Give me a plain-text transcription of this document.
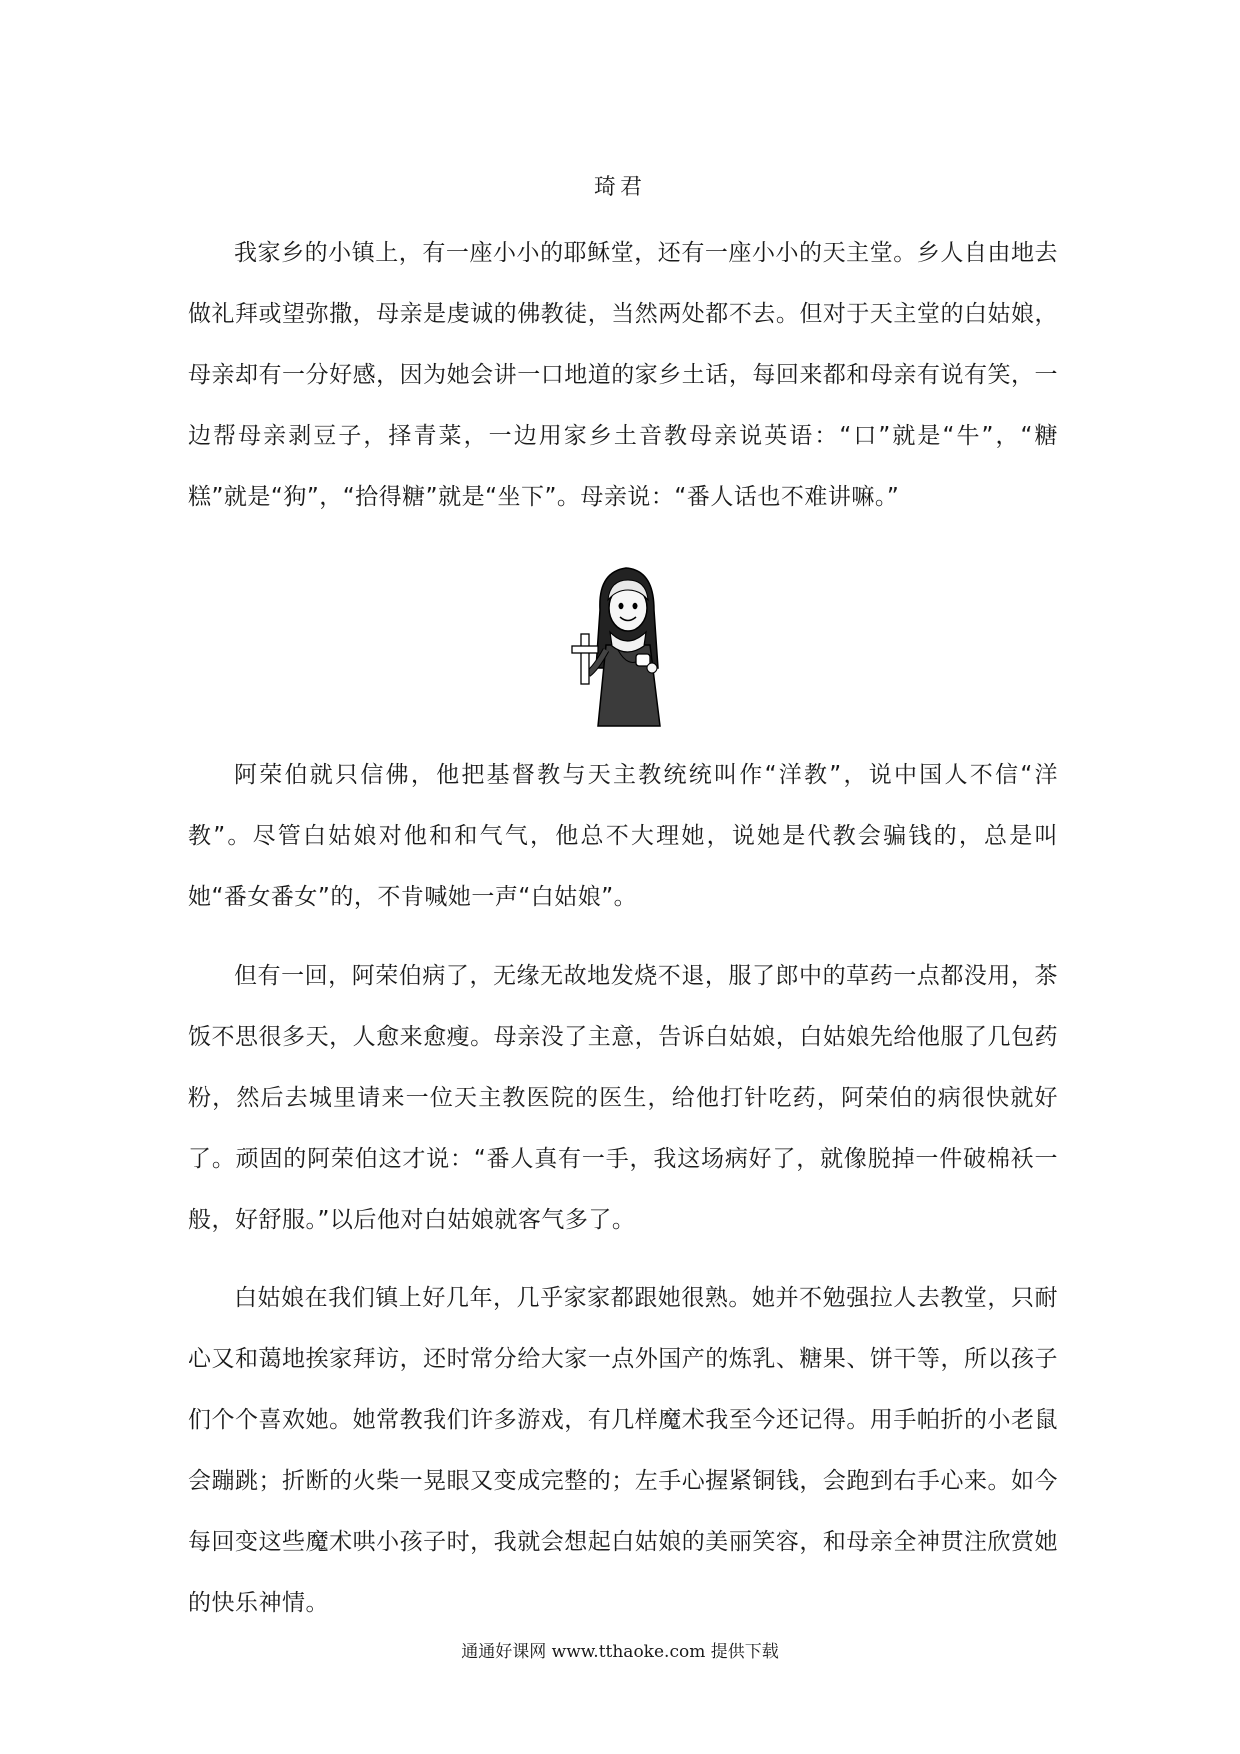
琦君

我家乡的小镇上，有一座小小的耶稣堂，还有一座小小的天主堂。乡人自由地去做礼拜或望弥撒，母亲是虔诚的佛教徒，当然两处都不去。但对于天主堂的白姑娘，母亲却有一分好感，因为她会讲一口地道的家乡土话，每回来都和母亲有说有笑，一边帮母亲剥豆子，择青菜，一边用家乡土音教母亲说英语：“口”就是“牛”，“糖糕”就是“狗”，“拾得糖”就是“坐下”。母亲说：“番人话也不难讲嘛。”

阿荣伯就只信佛，他把基督教与天主教统统叫作“洋教”，说中国人不信“洋教”。尽管白姑娘对他和和气气，他总不大理她，说她是代教会骗钱的，总是叫她“番女番女”的，不肯喊她一声“白姑娘”。

但有一回，阿荣伯病了，无缘无故地发烧不退，服了郎中的草药一点都没用，茶饭不思很多天，人愈来愈瘦。母亲没了主意，告诉白姑娘，白姑娘先给他服了几包药粉，然后去城里请来一位天主教医院的医生，给他打针吃药，阿荣伯的病很快就好了。顽固的阿荣伯这才说：“番人真有一手，我这场病好了，就像脱掉一件破棉袄一般，好舒服。”以后他对白姑娘就客气多了。

白姑娘在我们镇上好几年，几乎家家都跟她很熟。她并不勉强拉人去教堂，只耐心又和蔼地挨家拜访，还时常分给大家一点外国产的炼乳、糖果、饼干等，所以孩子们个个喜欢她。她常教我们许多游戏，有几样魔术我至今还记得。用手帕折的小老鼠会蹦跳；折断的火柴一晃眼又变成完整的；左手心握紧铜钱，会跑到右手心来。如今每回变这些魔术哄小孩子时，我就会想起白姑娘的美丽笑容，和母亲全神贯注欣赏她的快乐神情。

通通好课网 www.tthaoke.com 提供下载
